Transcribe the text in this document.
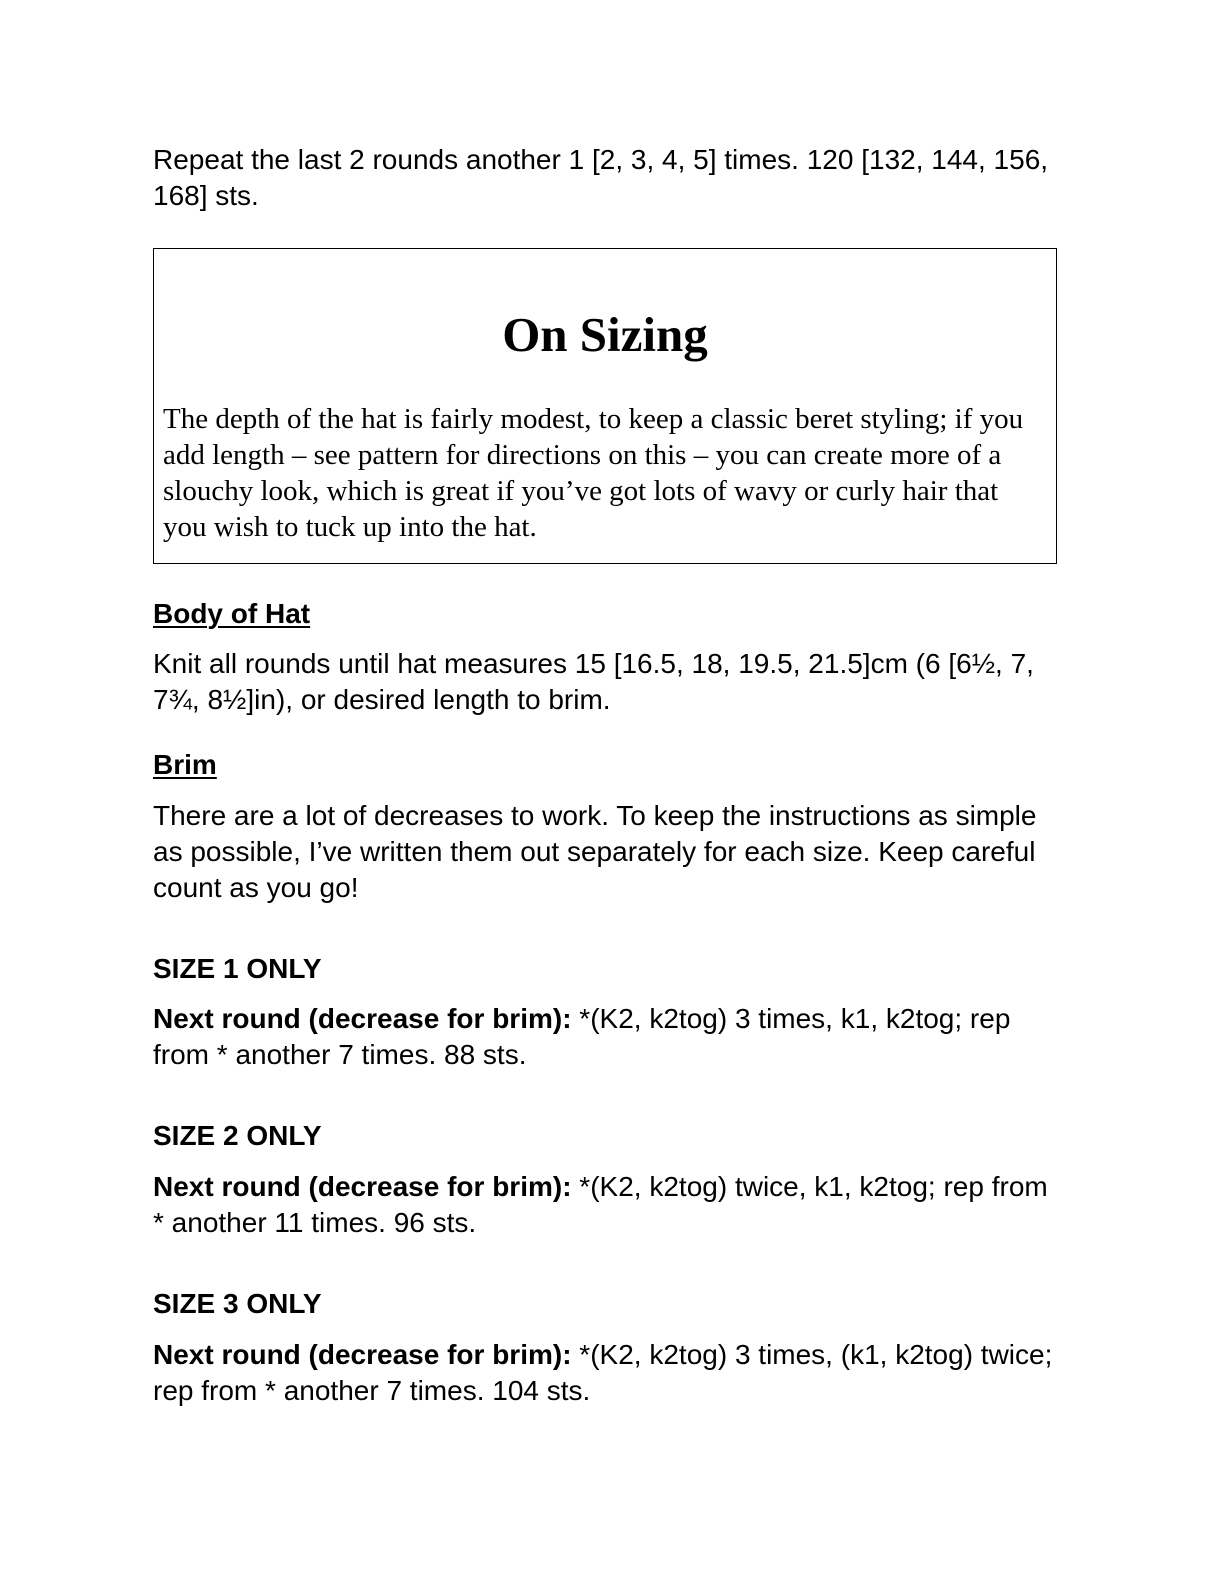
Repeat the last 2 rounds another 1 [2, 3, 4, 5] times. 120 [132, 144, 156, 168] sts.

On Sizing

The depth of the hat is fairly modest, to keep a classic beret styling; if you add length – see pattern for directions on this – you can create more of a slouchy look, which is great if you’ve got lots of wavy or curly hair that you wish to tuck up into the hat.

Body of Hat

Knit all rounds until hat measures 15 [16.5, 18, 19.5, 21.5]cm (6 [6½, 7, 7¾, 8½]in), or desired length to brim.

Brim

There are a lot of decreases to work. To keep the instructions as simple as possible, I’ve written them out separately for each size. Keep careful count as you go!

SIZE 1 ONLY

Next round (decrease for brim): *(K2, k2tog) 3 times, k1, k2tog; rep from * another 7 times. 88 sts.

SIZE 2 ONLY

Next round (decrease for brim): *(K2, k2tog) twice, k1, k2tog; rep from * another 11 times. 96 sts.

SIZE 3 ONLY

Next round (decrease for brim): *(K2, k2tog) 3 times, (k1, k2tog) twice; rep from * another 7 times. 104 sts.
